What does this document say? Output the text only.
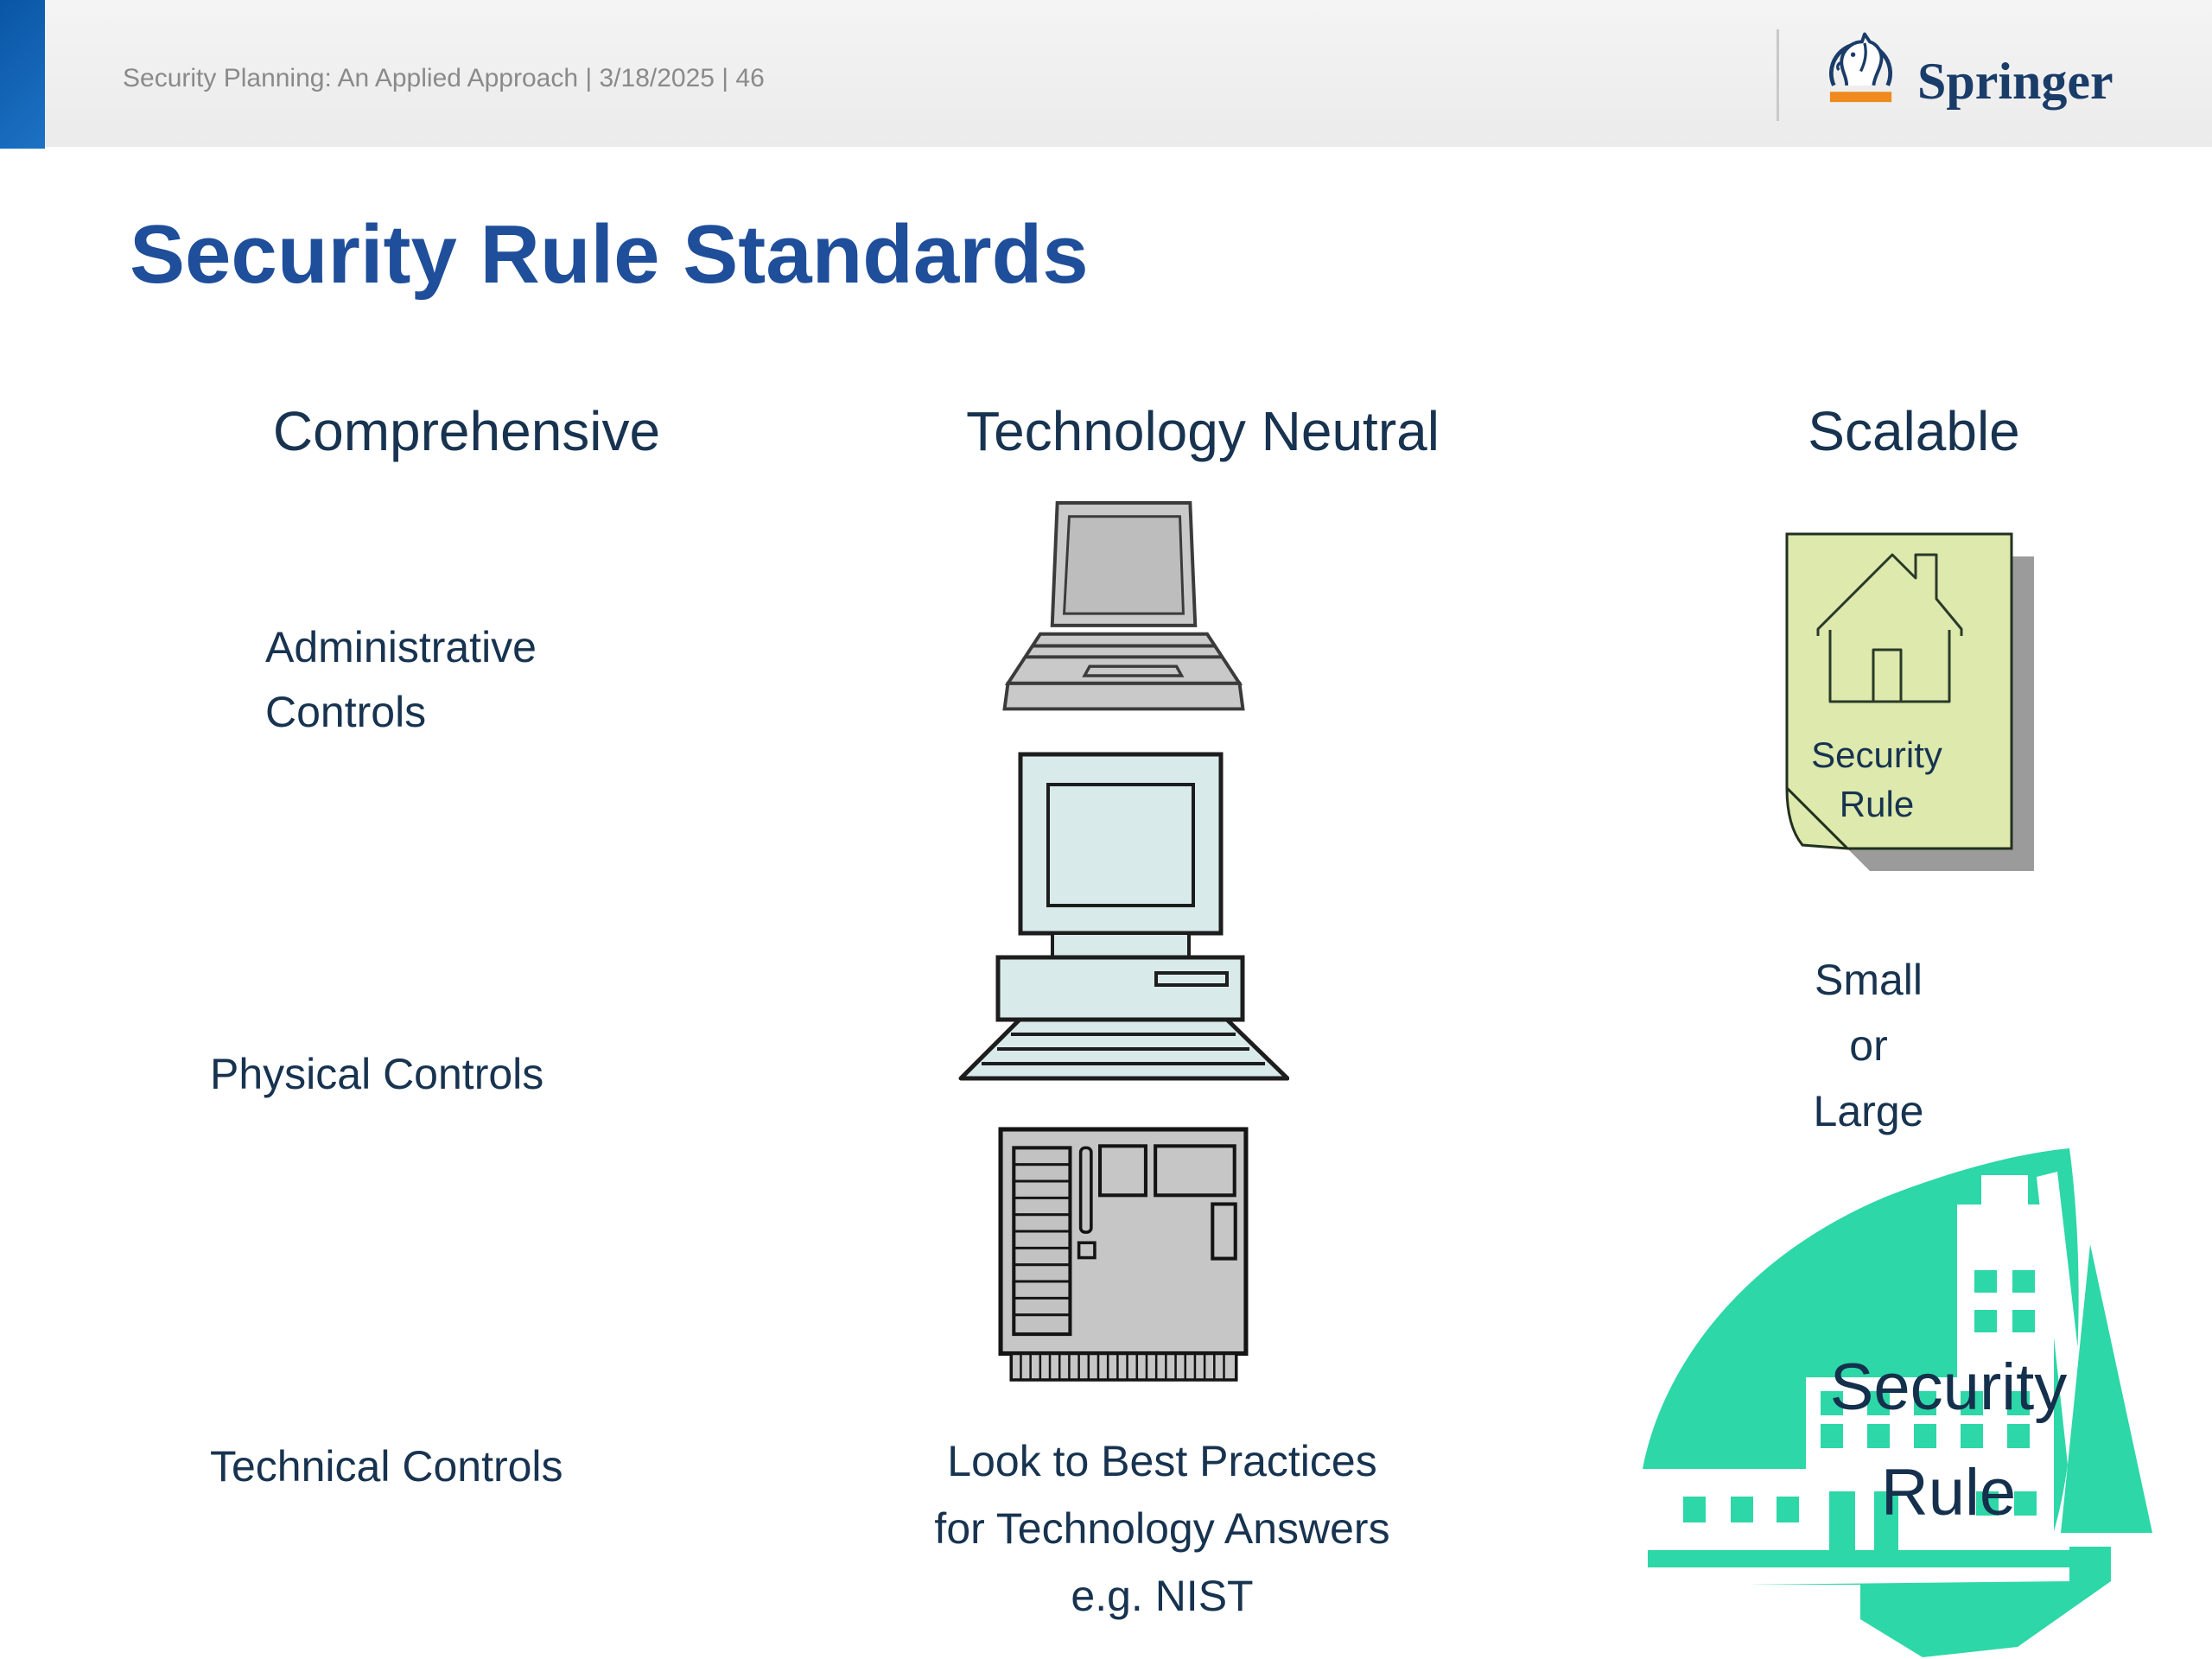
Security Planning: An Applied Approach | 3/18/2025 | 46	Springer
Security Rule Standards
Comprehensive	Technology Neutral	Scalable
Administrative Controls
Physical Controls
Technical Controls	Look to Best Practices
for Technology Answers
e.g. NIST
Security
Rule
Small
or
Large
Security
Rule
